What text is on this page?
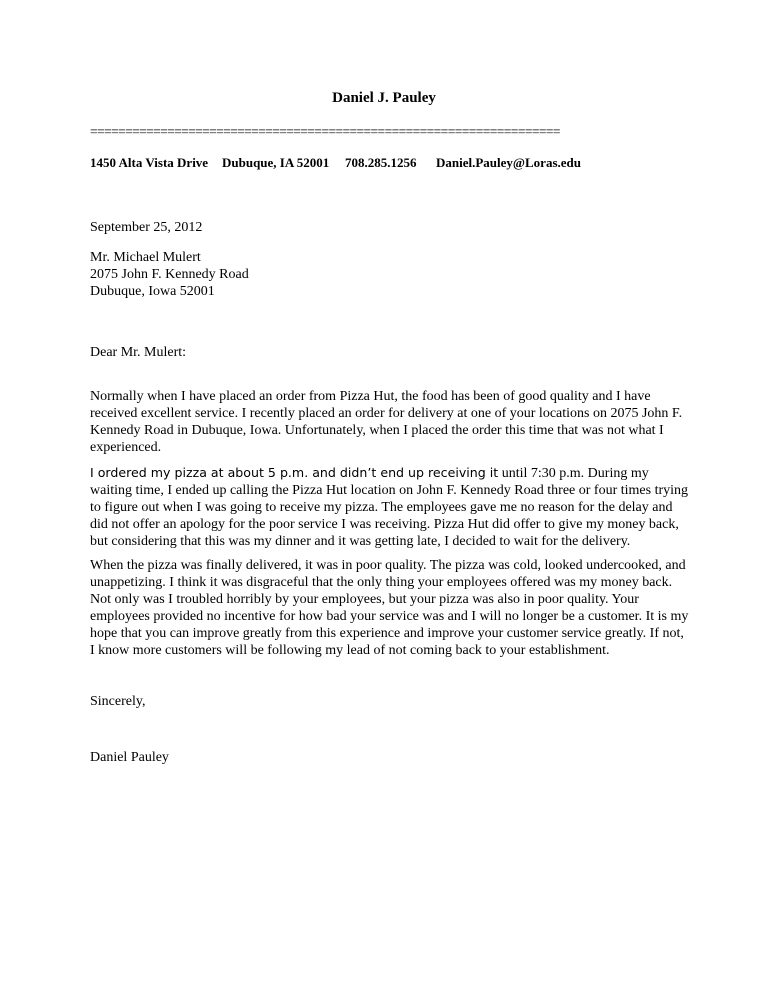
Daniel J. Pauley
===================================================================
1450 Alta Vista Drive Dubuque, IA 52001 708.285.1256 Daniel.Pauley@Loras.edu
September 25, 2012
Mr. Michael Mulert
2075 John F. Kennedy Road
Dubuque, Iowa 52001
Dear Mr. Mulert:

Normally when I have placed an order from Pizza Hut, the food has been of good quality and I have received excellent service. I recently placed an order for delivery at one of your locations on 2075 John F. Kennedy Road in Dubuque, Iowa. Unfortunately, when I placed the order this time that was not what I experienced.

I ordered my pizza at about 5 p.m. and didn’t end up receiving it until 7:30 p.m. During my waiting time, I ended up calling the Pizza Hut location on John F. Kennedy Road three or four times trying to figure out when I was going to receive my pizza. The employees gave me no reason for the delay and did not offer an apology for the poor service I was receiving. Pizza Hut did offer to give my money back, but considering that this was my dinner and it was getting late, I decided to wait for the delivery.

When the pizza was finally delivered, it was in poor quality. The pizza was cold, looked undercooked, and unappetizing. I think it was disgraceful that the only thing your employees offered was my money back. Not only was I troubled horribly by your employees, but your pizza was also in poor quality. Your employees provided no incentive for how bad your service was and I will no longer be a customer. It is my hope that you can improve greatly from this experience and improve your customer service greatly. If not, I know more customers will be following my lead of not coming back to your establishment.

Sincerely,
Daniel Pauley
